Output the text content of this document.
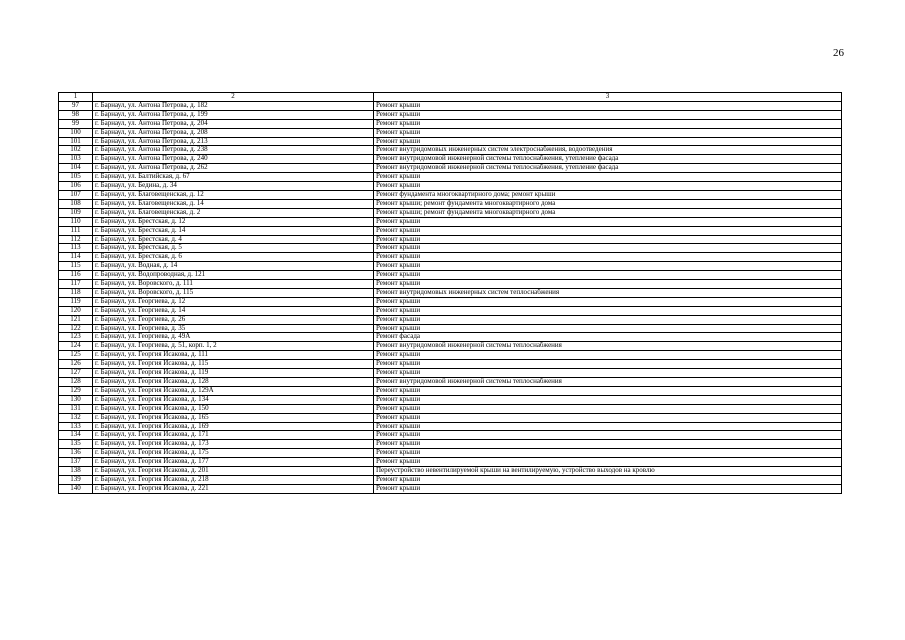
26
1	2	3
97	г. Барнаул, ул. Антона Петрова, д. 182	Ремонт крыши
98	г. Барнаул, ул. Антона Петрова, д. 199	Ремонт крыши
99	г. Барнаул, ул. Антона Петрова, д. 204	Ремонт крыши
100	г. Барнаул, ул. Антона Петрова, д. 208	Ремонт крыши
101	г. Барнаул, ул. Антона Петрова, д. 213	Ремонт крыши
102	г. Барнаул, ул. Антона Петрова, д. 238	Ремонт внутридомовых инженерных систем электроснабжения, водоотведения
103	г. Барнаул, ул. Антона Петрова, д. 240	Ремонт внутридомовой инженерной системы теплоснабжения, утепление фасада
104	г. Барнаул, ул. Антона Петрова, д. 262	Ремонт внутридомовой инженерной системы теплоснабжения, утепление фасада
105	г. Барнаул, ул. Балтийская, д. 67	Ремонт крыши
106	г. Барнаул, ул. Бедина, д. 34	Ремонт крыши
107	г. Барнаул, ул. Благовещенская, д. 12	Ремонт фундамента многоквартирного дома; ремонт крыши
108	г. Барнаул, ул. Благовещенская, д. 14	Ремонт крыши; ремонт фундамента многоквартирного дома
109	г. Барнаул, ул. Благовещенская, д. 2	Ремонт крыши; ремонт фундамента многоквартирного дома
110	г. Барнаул, ул. Брестская, д. 12	Ремонт крыши
111	г. Барнаул, ул. Брестская, д. 14	Ремонт крыши
112	г. Барнаул, ул. Брестская, д. 4	Ремонт крыши
113	г. Барнаул, ул. Брестская, д. 5	Ремонт крыши
114	г. Барнаул, ул. Брестская, д. 6	Ремонт крыши
115	г. Барнаул, ул. Водная, д. 14	Ремонт крыши
116	г. Барнаул, ул. Водопроводная, д. 121	Ремонт крыши
117	г. Барнаул, ул. Воровского, д. 111	Ремонт крыши
118	г. Барнаул, ул. Воровского, д. 115	Ремонт внутридомовых инженерных систем теплоснабжения
119	г. Барнаул, ул. Георгиева, д. 12	Ремонт крыши
120	г. Барнаул, ул. Георгиева, д. 14	Ремонт крыши
121	г. Барнаул, ул. Георгиева, д. 26	Ремонт крыши
122	г. Барнаул, ул. Георгиева, д. 35	Ремонт крыши
123	г. Барнаул, ул. Георгиева, д. 49А	Ремонт фасада
124	г. Барнаул, ул. Георгиева, д. 51, корп. 1, 2	Ремонт внутридомовой инженерной системы теплоснабжения
125	г. Барнаул, ул. Георгия Исакова, д. 111	Ремонт крыши
126	г. Барнаул, ул. Георгия Исакова, д. 115	Ремонт крыши
127	г. Барнаул, ул. Георгия Исакова, д. 119	Ремонт крыши
128	г. Барнаул, ул. Георгия Исакова, д. 128	Ремонт внутридомовой инженерной системы теплоснабжения
129	г. Барнаул, ул. Георгия Исакова, д. 129А	Ремонт крыши
130	г. Барнаул, ул. Георгия Исакова, д. 134	Ремонт крыши
131	г. Барнаул, ул. Георгия Исакова, д. 150	Ремонт крыши
132	г. Барнаул, ул. Георгия Исакова, д. 165	Ремонт крыши
133	г. Барнаул, ул. Георгия Исакова, д. 169	Ремонт крыши
134	г. Барнаул, ул. Георгия Исакова, д. 171	Ремонт крыши
135	г. Барнаул, ул. Георгия Исакова, д. 173	Ремонт крыши
136	г. Барнаул, ул. Георгия Исакова, д. 175	Ремонт крыши
137	г. Барнаул, ул. Георгия Исакова, д. 177	Ремонт крыши
138	г. Барнаул, ул. Георгия Исакова, д. 201	Переустройство невентилируемой крыши на вентилируемую, устройство выходов на кровлю
139	г. Барнаул, ул. Георгия Исакова, д. 218	Ремонт крыши
140	г. Барнаул, ул. Георгия Исакова, д. 221	Ремонт крыши
